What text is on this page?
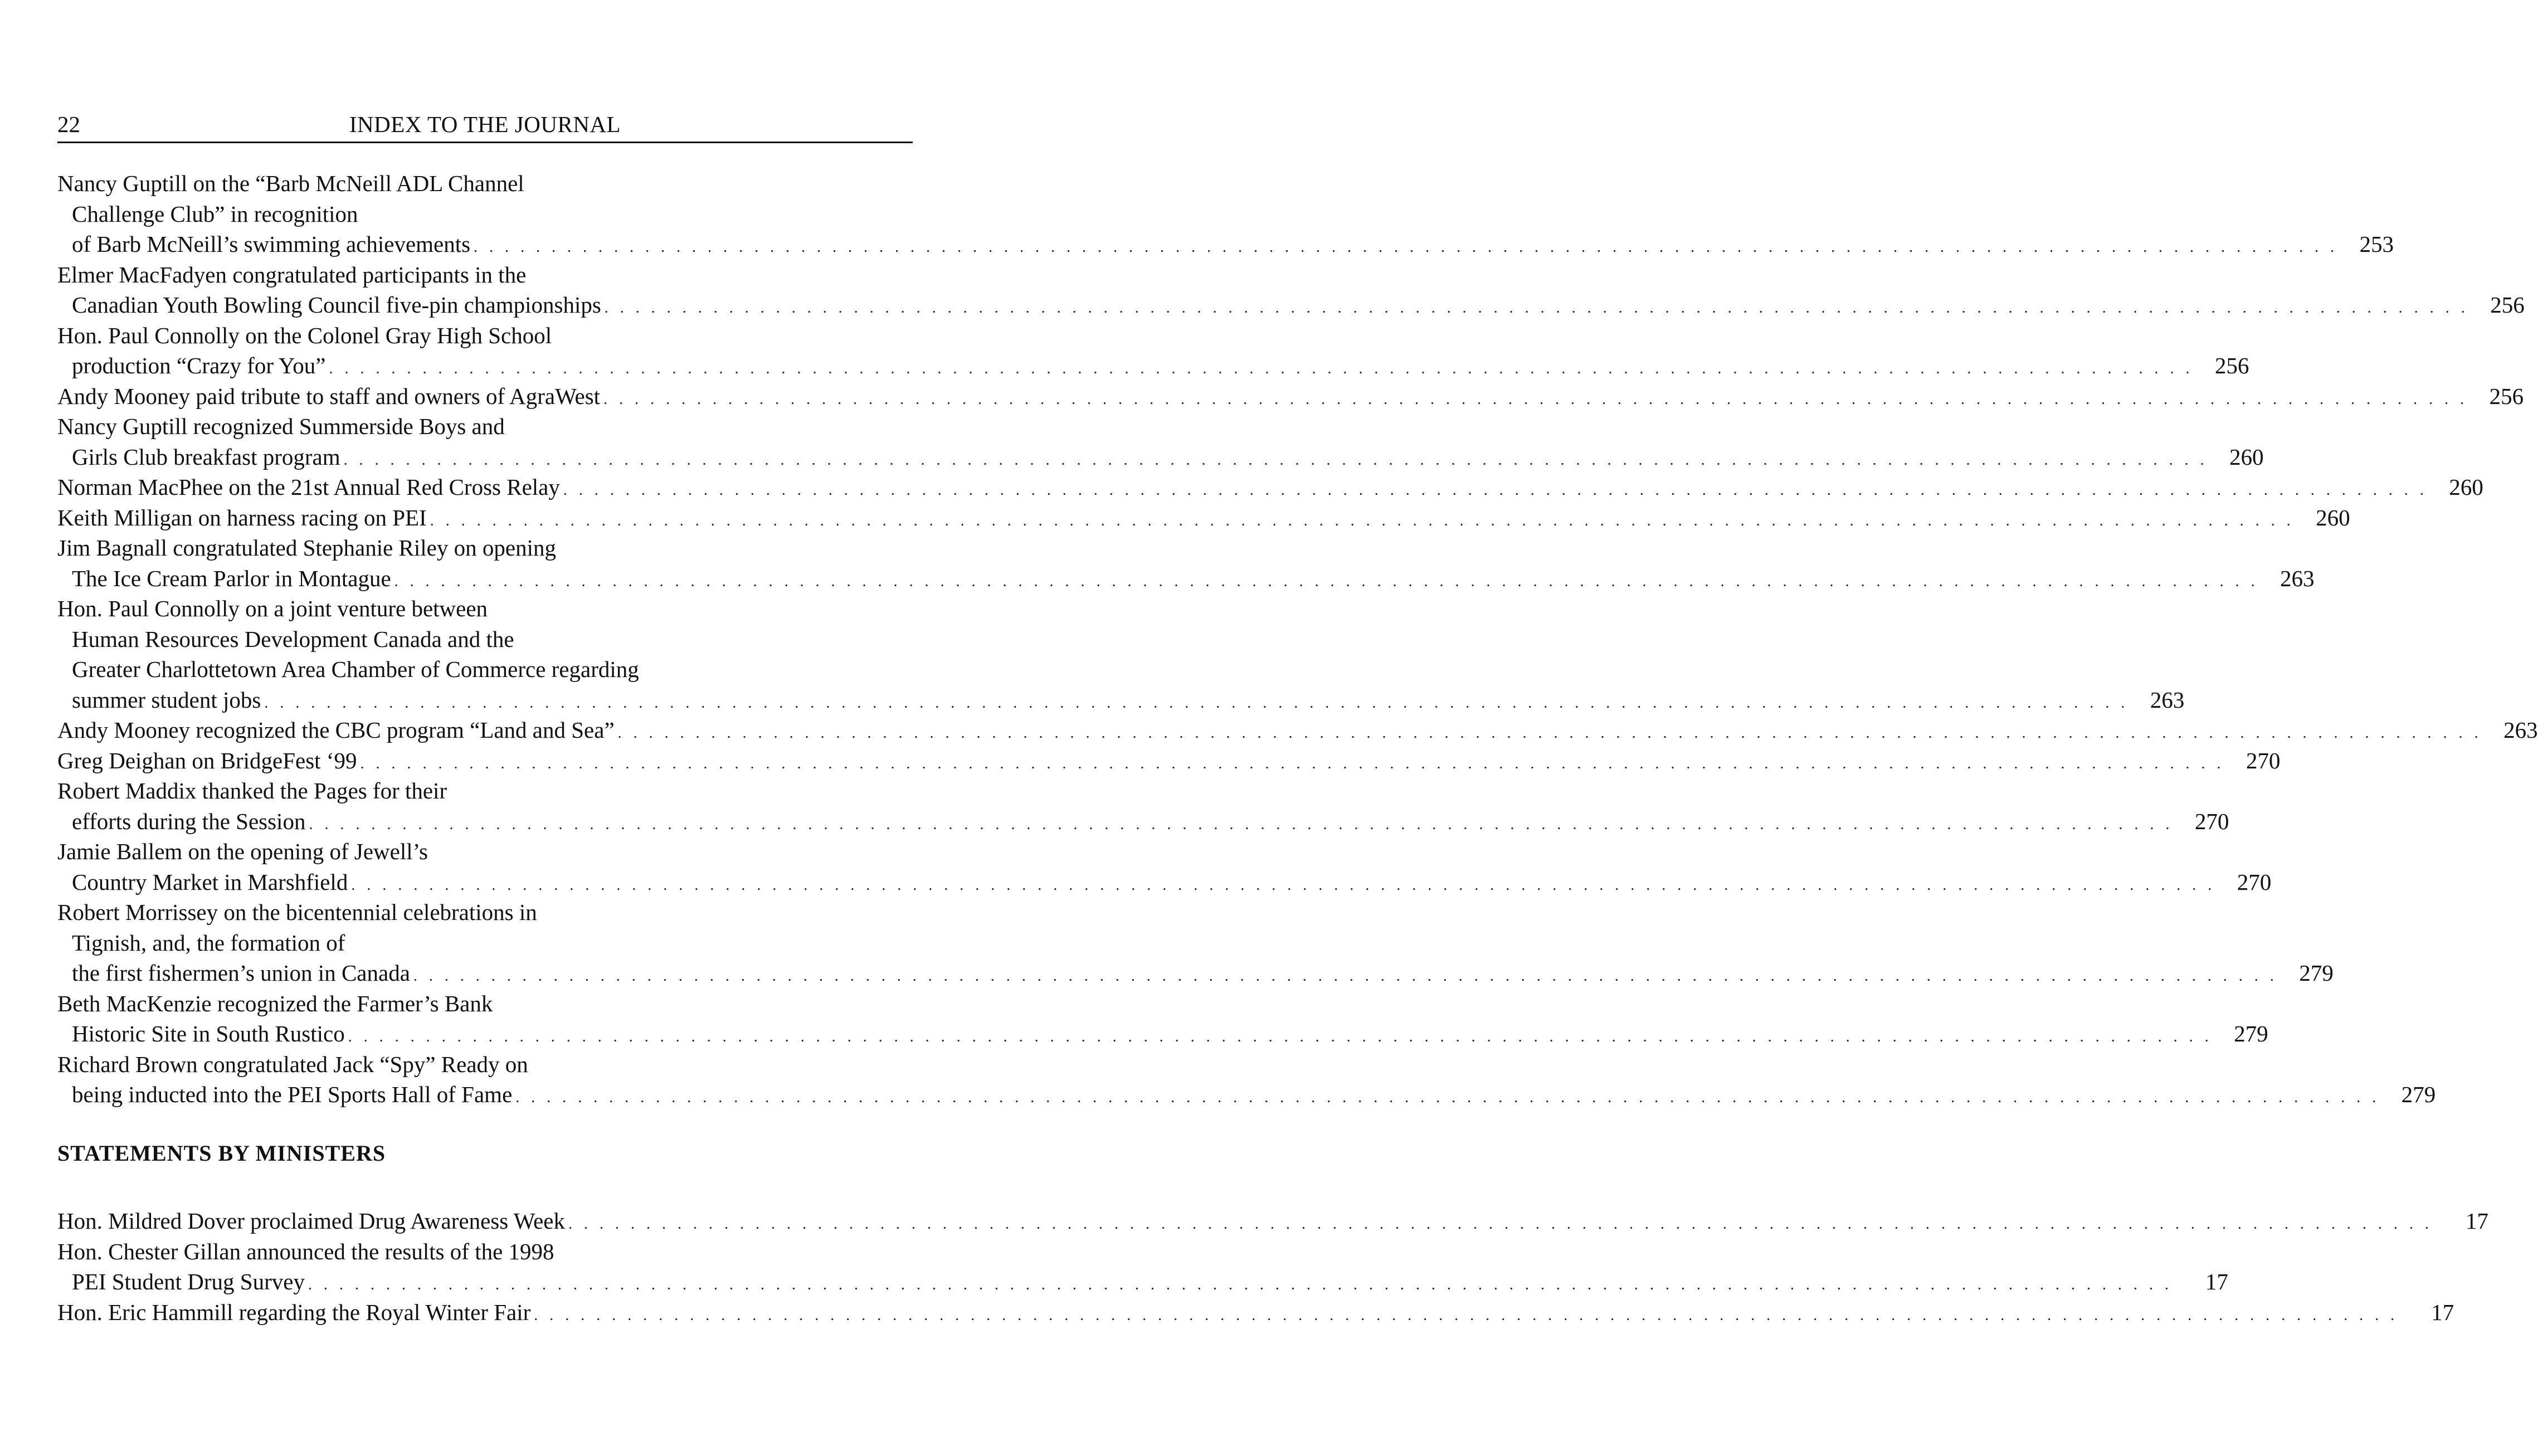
22	INDEX TO THE JOURNAL
Nancy Guptill on the “Barb McNeill ADL Channel
Challenge Club” in recognition
of Barb McNeill’s swimming achievements . . . . . . . . . . . . . . . . . . . . . . . . . . . . . . . . . . . . . . . . . . . . . . . . . . . . . . . . . . . . . . . . . . . . . . . . . . . . . . . . . . . . . . . . . . . . . . . . . . . . . . . . . . . . . . . . . . . . . . . . 253
Elmer MacFadyen congratulated participants in the
Canadian Youth Bowling Council five-pin championships . . . . . . . . . . . . . . . . . . . . . . . . . . . . . . . . . . . . . . . . . . . . . . . . . . . . . . . . . . . . . . . . . . . . . . . . . . . . . . . . . . . . . . . . . . . . . . . . . . . . . . . . . . . . . . . . . . . . . . . . 256
Hon. Paul Connolly on the Colonel Gray High School
production “Crazy for You” . . . . . . . . . . . . . . . . . . . . . . . . . . . . . . . . . . . . . . . . . . . . . . . . . . . . . . . . . . . . . . . . . . . . . . . . . . . . . . . . . . . . . . . . . . . . . . . . . . . . . . . . . . . . . . . . . . . . . . . . 256
Andy Mooney paid tribute to staff and owners of AgraWest . . . . . . . . . . . . . . . . . . . . . . . . . . . . . . . . . . . . . . . . . . . . . . . . . . . . . . . . . . . . . . . . . . . . . . . . . . . . . . . . . . . . . . . . . . . . . . . . . . . . . . . . . . . . . . . . . . . . . . . . 256
Nancy Guptill recognized Summerside Boys and
Girls Club breakfast program . . . . . . . . . . . . . . . . . . . . . . . . . . . . . . . . . . . . . . . . . . . . . . . . . . . . . . . . . . . . . . . . . . . . . . . . . . . . . . . . . . . . . . . . . . . . . . . . . . . . . . . . . . . . . . . . . . . . . . . . 260
Norman MacPhee on the 21st Annual Red Cross Relay . . . . . . . . . . . . . . . . . . . . . . . . . . . . . . . . . . . . . . . . . . . . . . . . . . . . . . . . . . . . . . . . . . . . . . . . . . . . . . . . . . . . . . . . . . . . . . . . . . . . . . . . . . . . . . . . . . . . . . . . 260
Keith Milligan on harness racing on PEI . . . . . . . . . . . . . . . . . . . . . . . . . . . . . . . . . . . . . . . . . . . . . . . . . . . . . . . . . . . . . . . . . . . . . . . . . . . . . . . . . . . . . . . . . . . . . . . . . . . . . . . . . . . . . . . . . . . . . . . . 260
Jim Bagnall congratulated Stephanie Riley on opening
The Ice Cream Parlor in Montague . . . . . . . . . . . . . . . . . . . . . . . . . . . . . . . . . . . . . . . . . . . . . . . . . . . . . . . . . . . . . . . . . . . . . . . . . . . . . . . . . . . . . . . . . . . . . . . . . . . . . . . . . . . . . . . . . . . . . . . . 263
Hon. Paul Connolly on a joint venture between
Human Resources Development Canada and the
Greater Charlottetown Area Chamber of Commerce regarding
summer student jobs . . . . . . . . . . . . . . . . . . . . . . . . . . . . . . . . . . . . . . . . . . . . . . . . . . . . . . . . . . . . . . . . . . . . . . . . . . . . . . . . . . . . . . . . . . . . . . . . . . . . . . . . . . . . . . . . . . . . . . . . 263
Andy Mooney recognized the CBC program “Land and Sea” . . . . . . . . . . . . . . . . . . . . . . . . . . . . . . . . . . . . . . . . . . . . . . . . . . . . . . . . . . . . . . . . . . . . . . . . . . . . . . . . . . . . . . . . . . . . . . . . . . . . . . . . . . . . . . . . . . . . . . . . 263
Greg Deighan on BridgeFest ‘99 . . . . . . . . . . . . . . . . . . . . . . . . . . . . . . . . . . . . . . . . . . . . . . . . . . . . . . . . . . . . . . . . . . . . . . . . . . . . . . . . . . . . . . . . . . . . . . . . . . . . . . . . . . . . . . . . . . . . . . . . 270
Robert Maddix thanked the Pages for their
efforts during the Session . . . . . . . . . . . . . . . . . . . . . . . . . . . . . . . . . . . . . . . . . . . . . . . . . . . . . . . . . . . . . . . . . . . . . . . . . . . . . . . . . . . . . . . . . . . . . . . . . . . . . . . . . . . . . . . . . . . . . . . . 270
Jamie Ballem on the opening of Jewell’s
Country Market in Marshfield . . . . . . . . . . . . . . . . . . . . . . . . . . . . . . . . . . . . . . . . . . . . . . . . . . . . . . . . . . . . . . . . . . . . . . . . . . . . . . . . . . . . . . . . . . . . . . . . . . . . . . . . . . . . . . . . . . . . . . . . 270
Robert Morrissey on the bicentennial celebrations in
Tignish, and, the formation of
the first fishermen’s union in Canada . . . . . . . . . . . . . . . . . . . . . . . . . . . . . . . . . . . . . . . . . . . . . . . . . . . . . . . . . . . . . . . . . . . . . . . . . . . . . . . . . . . . . . . . . . . . . . . . . . . . . . . . . . . . . . . . . . . . . . . . 279
Beth MacKenzie recognized the Farmer’s Bank
Historic Site in South Rustico . . . . . . . . . . . . . . . . . . . . . . . . . . . . . . . . . . . . . . . . . . . . . . . . . . . . . . . . . . . . . . . . . . . . . . . . . . . . . . . . . . . . . . . . . . . . . . . . . . . . . . . . . . . . . . . . . . . . . . . . 279
Richard Brown congratulated Jack “Spy” Ready on
being inducted into the PEI Sports Hall of Fame . . . . . . . . . . . . . . . . . . . . . . . . . . . . . . . . . . . . . . . . . . . . . . . . . . . . . . . . . . . . . . . . . . . . . . . . . . . . . . . . . . . . . . . . . . . . . . . . . . . . . . . . . . . . . . . . . . . . . . . . 279
STATEMENTS BY MINISTERS
Hon. Mildred Dover proclaimed Drug Awareness Week . . . . . . . . . . . . . . . . . . . . . . . . . . . . . . . . . . . . . . . . . . . . . . . . . . . . . . . . . . . . . . . . . . . . . . . . . . . . . . . . . . . . . . . . . . . . . . . . . . . . . . . . . . . . . . . . . . . . . . . .	17
Hon. Chester Gillan announced the results of the 1998
PEI Student Drug Survey . . . . . . . . . . . . . . . . . . . . . . . . . . . . . . . . . . . . . . . . . . . . . . . . . . . . . . . . . . . . . . . . . . . . . . . . . . . . . . . . . . . . . . . . . . . . . . . . . . . . . . . . . . . . . . . . . . . . . . . .	17
Hon. Eric Hammill regarding the Royal Winter Fair . . . . . . . . . . . . . . . . . . . . . . . . . . . . . . . . . . . . . . . . . . . . . . . . . . . . . . . . . . . . . . . . . . . . . . . . . . . . . . . . . . . . . . . . . . . . . . . . . . . . . . . . . . . . . . . . . . . . . . . .	17
